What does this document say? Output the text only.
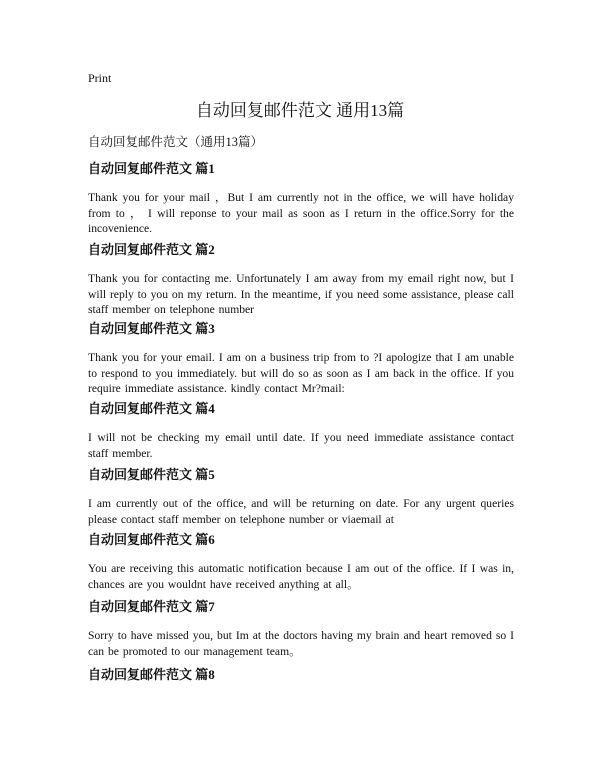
Print
自动回复邮件范文 通用13篇
自动回复邮件范文（通用13篇）
自动回复邮件范文 篇1

Thank you for your mail ，But I am currently not in the office, we will have holiday from to ， I will reponse to your mail as soon as I return in the office.Sorry for the incovenience.

自动回复邮件范文 篇2

Thank you for contacting me. Unfortunately I am away from my email right now, but I will reply to you on my return. In the meantime, if you need some assistance, please call staff member on telephone number

自动回复邮件范文 篇3

Thank you for your email. I am on a business trip from to ?I apologize that I am unable to respond to you immediately. but will do so as soon as I am back in the office. If you require immediate assistance. kindly contact Mr?mail:

自动回复邮件范文 篇4

I will not be checking my email until date. If you need immediate assistance contact staff member.

自动回复邮件范文 篇5

I am currently out of the office, and will be returning on date. For any urgent queries please contact staff member on telephone number or viaemail at

自动回复邮件范文 篇6

You are receiving this automatic notification because I am out of the office. If I was in, chances are you wouldnt have received anything at all。

自动回复邮件范文 篇7

Sorry to have missed you, but Im at the doctors having my brain and heart removed so I can be promoted to our management team。

自动回复邮件范文 篇8
